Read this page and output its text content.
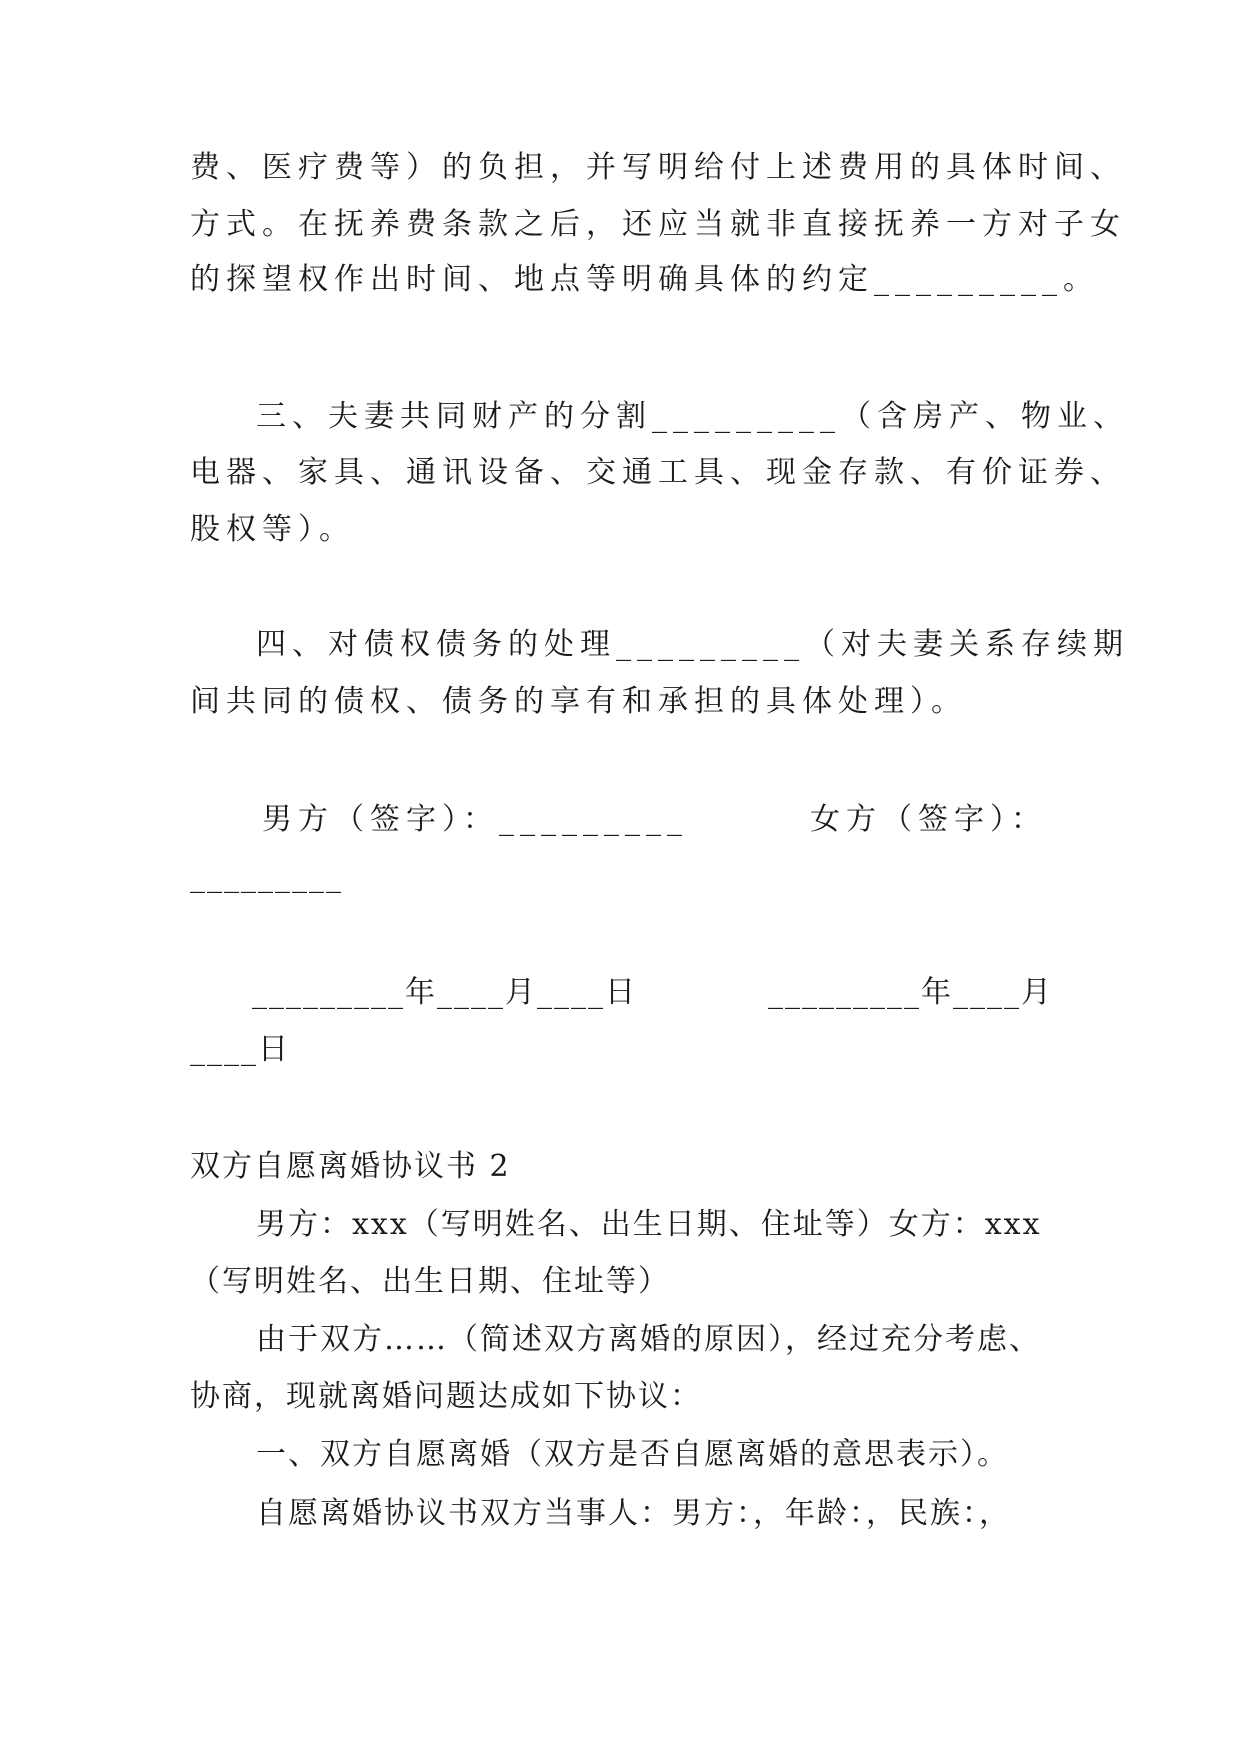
费、医疗费等）的负担，并写明给付上述费用的具体时间、
方式。在抚养费条款之后，还应当就非直接抚养一方对子女
的探望权作出时间、地点等明确具体的约定_________。
三、夫妻共同财产的分割_________（含房产、物业、
电器、家具、通讯设备、交通工具、现金存款、有价证券、
股权等）。
四、对债权债务的处理_________（对夫妻关系存续期
间共同的债权、债务的享有和承担的具体处理）。
男方（签字）：_________	女方（签字）：
_________
_________年____月____日	_________年____月
____日
双方自愿离婚协议书 2
男方：xxx（写明姓名、出生日期、住址等）女方：xxx
（写明姓名、出生日期、住址等）
由于双方……（简述双方离婚的原因），经过充分考虑、
协商，现就离婚问题达成如下协议：
一、双方自愿离婚（双方是否自愿离婚的意思表示）。
自愿离婚协议书双方当事人：男方：，年龄：，民族：，
